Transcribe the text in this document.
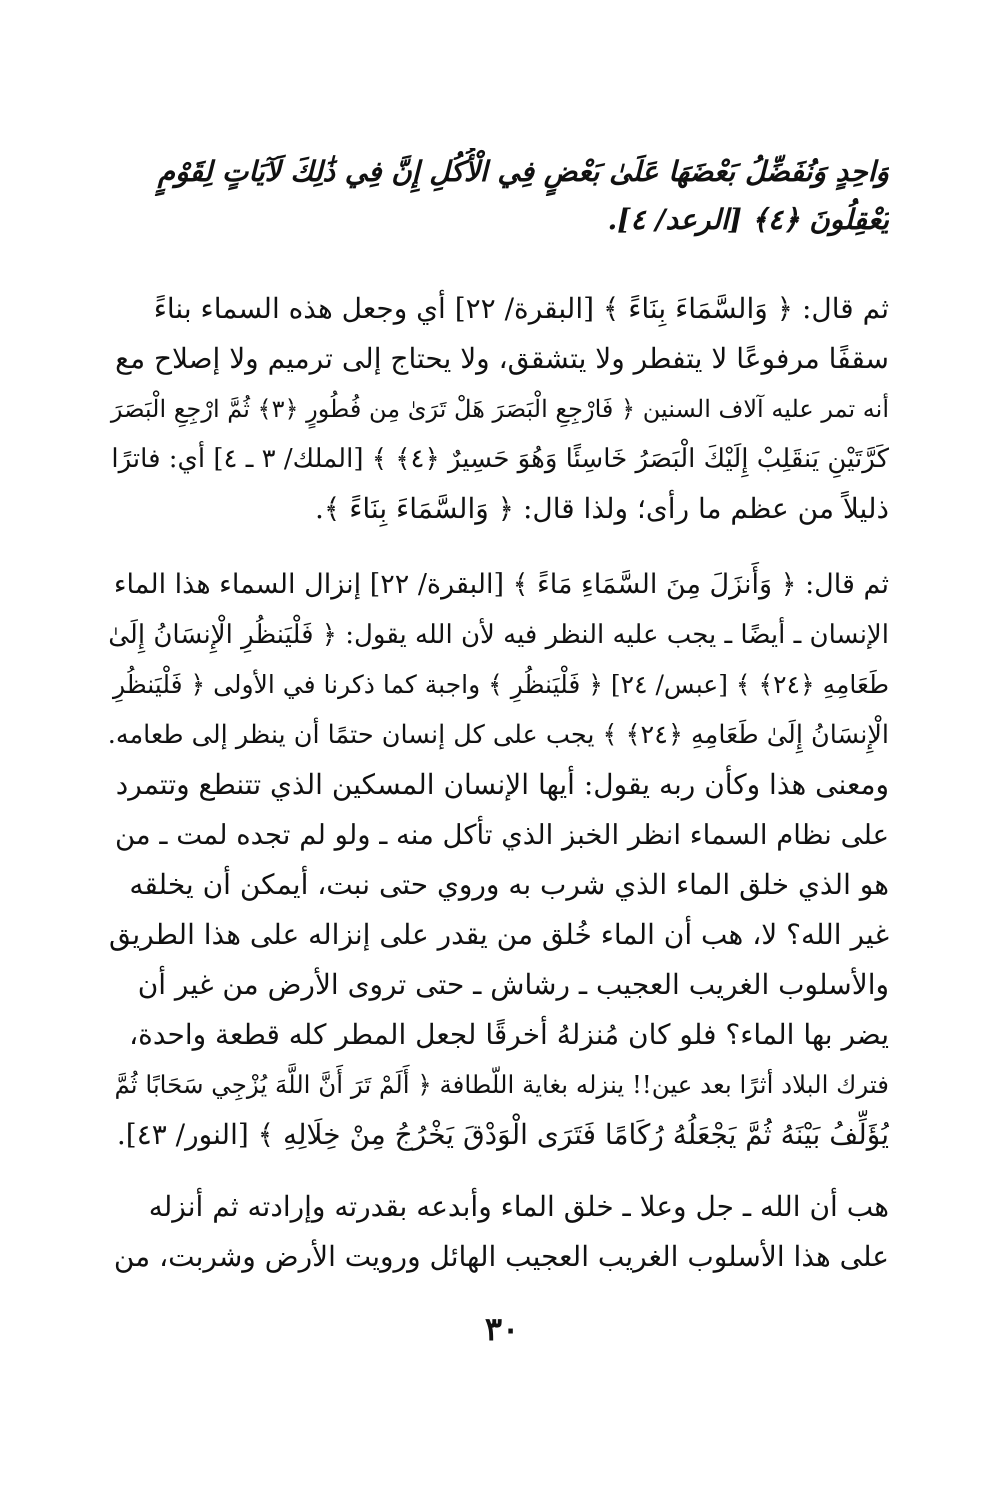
وَاحِدٍ وَنُفَضِّلُ بَعْضَهَا عَلَىٰ بَعْضٍ فِي الْأُكُلِ إِنَّ فِي ذَٰلِكَ لَآيَاتٍ لِقَوْمٍ
يَعْقِلُونَ ﴿٤﴾ [الرعد/ ٤].
ثم قال: ﴿ وَالسَّمَاءَ بِنَاءً ﴾ [البقرة/ ٢٢] أي وجعل هذه السماء بناءً
سقفًا مرفوعًا لا يتفطر ولا يتشقق، ولا يحتاج إلى ترميم ولا إصلاح مع
أنه تمر عليه آلاف السنين ﴿ فَارْجِعِ الْبَصَرَ هَلْ تَرَىٰ مِن فُطُورٍ ﴿٣﴾ ثُمَّ ارْجِعِ الْبَصَرَ
كَرَّتَيْنِ يَنقَلِبْ إِلَيْكَ الْبَصَرُ خَاسِئًا وَهُوَ حَسِيرٌ ﴿٤﴾ ﴾ [الملك/ ٣ ـ ٤] أي: فاترًا
ذليلاً من عظم ما رأى؛ ولذا قال: ﴿ وَالسَّمَاءَ بِنَاءً ﴾.
ثم قال: ﴿ وَأَنزَلَ مِنَ السَّمَاءِ مَاءً ﴾ [البقرة/ ٢٢] إنزال السماء هذا الماء
الإنسان ـ أيضًا ـ يجب عليه النظر فيه لأن الله يقول: ﴿ فَلْيَنظُرِ الْإِنسَانُ إِلَىٰ
طَعَامِهِ ﴿٢٤﴾ ﴾ [عبس/ ٢٤] ﴿ فَلْيَنظُرِ ﴾ واجبة كما ذكرنا في الأولى ﴿ فَلْيَنظُرِ
الْإِنسَانُ إِلَىٰ طَعَامِهِ ﴿٢٤﴾ ﴾ يجب على كل إنسان حتمًا أن ينظر إلى طعامه.
ومعنى هذا وكأن ربه يقول: أيها الإنسان المسكين الذي تتنطع وتتمرد
على نظام السماء انظر الخبز الذي تأكل منه ـ ولو لم تجده لمت ـ من
هو الذي خلق الماء الذي شرب به وروي حتى نبت، أيمكن أن يخلقه
غير الله؟ لا، هب أن الماء خُلق من يقدر على إنزاله على هذا الطريق
والأسلوب الغريب العجيب ـ رشاش ـ حتى تروى الأرض من غير أن
يضر بها الماء؟ فلو كان مُنزلهُ أخرقًا لجعل المطر كله قطعة واحدة،
فترك البلاد أثرًا بعد عين!! ينزله بغاية اللّطافة ﴿ أَلَمْ تَرَ أَنَّ اللَّهَ يُزْجِي سَحَابًا ثُمَّ
يُؤَلِّفُ بَيْنَهُ ثُمَّ يَجْعَلُهُ رُكَامًا فَتَرَى الْوَدْقَ يَخْرُجُ مِنْ خِلَالِهِ ﴾ [النور/ ٤٣].
هب أن الله ـ جل وعلا ـ خلق الماء وأبدعه بقدرته وإرادته ثم أنزله
على هذا الأسلوب الغريب العجيب الهائل ورويت الأرض وشربت، من
٣٠
